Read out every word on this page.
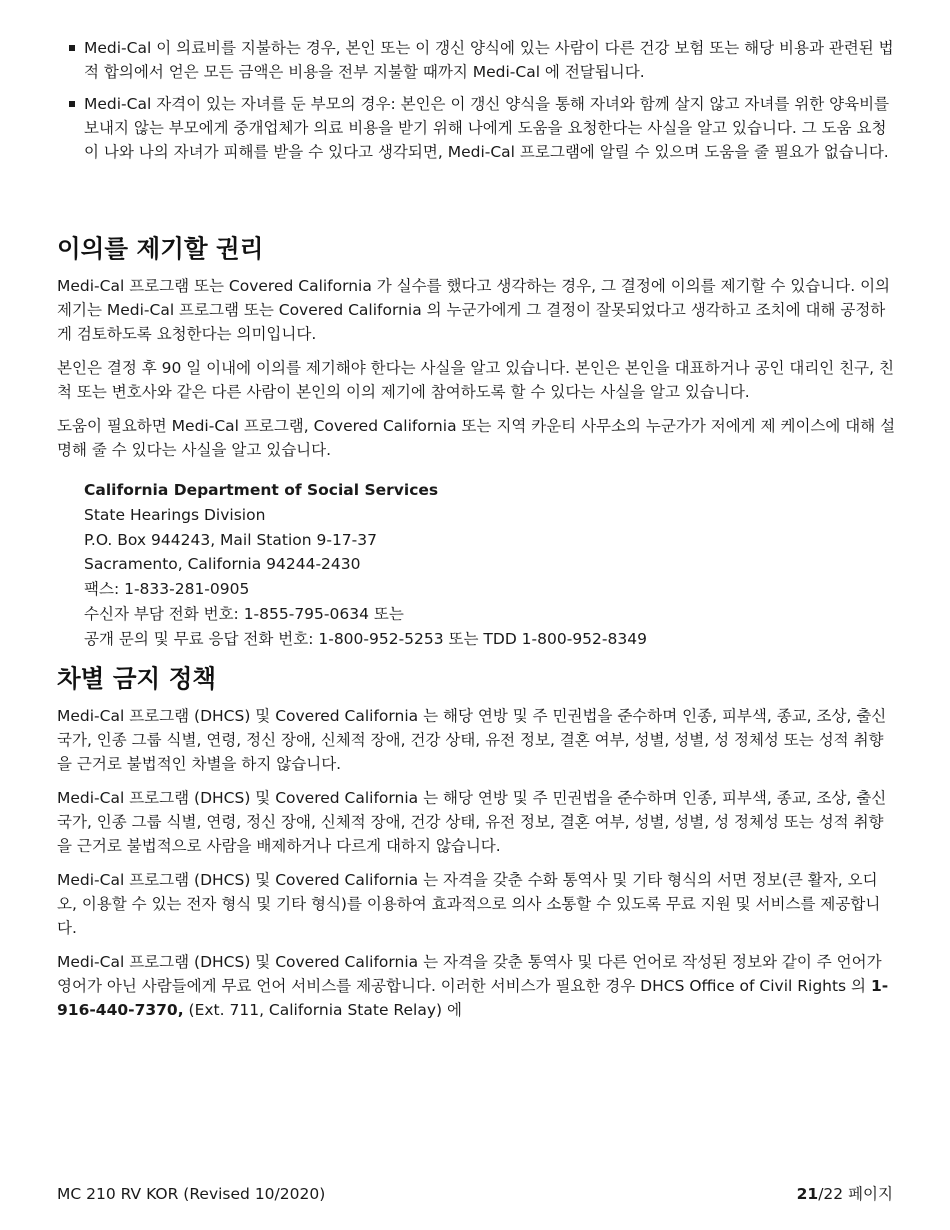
Medi-Cal 이 의료비를 지불하는 경우, 본인 또는 이 갱신 양식에 있는 사람이 다른 건강 보험 또는 해당 비용과 관련된 법적 합의에서 얻은 모든 금액은 비용을 전부 지불할 때까지 Medi-Cal 에 전달됩니다.
Medi-Cal 자격이 있는 자녀를 둔 부모의 경우: 본인은 이 갱신 양식을 통해 자녀와 함께 살지 않고 자녀를 위한 양육비를 보내지 않는 부모에게 중개업체가 의료 비용을 받기 위해 나에게 도움을 요청한다는 사실을 알고 있습니다. 그 도움 요청이 나와 나의 자녀가 피해를 받을 수 있다고 생각되면, Medi-Cal 프로그램에 알릴 수 있으며 도움을 줄 필요가 없습니다.
이의를 제기할 권리

Medi-Cal 프로그램 또는 Covered California 가 실수를 했다고 생각하는 경우, 그 결정에 이의를 제기할 수 있습니다. 이의 제기는 Medi-Cal 프로그램 또는 Covered California 의 누군가에게 그 결정이 잘못되었다고 생각하고 조치에 대해 공정하게 검토하도록 요청한다는 의미입니다.

본인은 결정 후 90 일 이내에 이의를 제기해야 한다는 사실을 알고 있습니다. 본인은 본인을 대표하거나 공인 대리인 친구, 친척 또는 변호사와 같은 다른 사람이 본인의 이의 제기에 참여하도록 할 수 있다는 사실을 알고 있습니다.

도움이 필요하면 Medi-Cal 프로그램, Covered California 또는 지역 카운티 사무소의 누군가가 저에게 제 케이스에 대해 설명해 줄 수 있다는 사실을 알고 있습니다.

California Department of Social Services
State Hearings Division
P.O. Box 944243, Mail Station 9-17-37
Sacramento, California 94244-2430
팩스: 1-833-281-0905
수신자 부담 전화 번호: 1-855-795-0634 또는
공개 문의 및 무료 응답 전화 번호: 1-800-952-5253 또는 TDD 1-800-952-8349
차별 금지 정책

Medi-Cal 프로그램 (DHCS) 및 Covered California 는 해당 연방 및 주 민권법을 준수하며 인종, 피부색, 종교, 조상, 출신 국가, 인종 그룹 식별, 연령, 정신 장애, 신체적 장애, 건강 상태, 유전 정보, 결혼 여부, 성별, 성별, 성 정체성 또는 성적 취향을 근거로 불법적인 차별을 하지 않습니다.

Medi-Cal 프로그램 (DHCS) 및 Covered California 는 해당 연방 및 주 민권법을 준수하며 인종, 피부색, 종교, 조상, 출신 국가, 인종 그룹 식별, 연령, 정신 장애, 신체적 장애, 건강 상태, 유전 정보, 결혼 여부, 성별, 성별, 성 정체성 또는 성적 취향을 근거로 불법적으로 사람을 배제하거나 다르게 대하지 않습니다.

Medi-Cal 프로그램 (DHCS) 및 Covered California 는 자격을 갖춘 수화 통역사 및 기타 형식의 서면 정보(큰 활자, 오디오, 이용할 수 있는 전자 형식 및 기타 형식)를 이용하여 효과적으로 의사 소통할 수 있도록 무료 지원 및 서비스를 제공합니다.

Medi-Cal 프로그램 (DHCS) 및 Covered California 는 자격을 갖춘 통역사 및 다른 언어로 작성된 정보와 같이 주 언어가 영어가 아닌 사람들에게 무료 언어 서비스를 제공합니다. 이러한 서비스가 필요한 경우 DHCS Office of Civil Rights 의 1-916-440-7370, (Ext. 711, California State Relay) 에

MC 210 RV KOR (Revised 10/2020)	21/22 페이지
